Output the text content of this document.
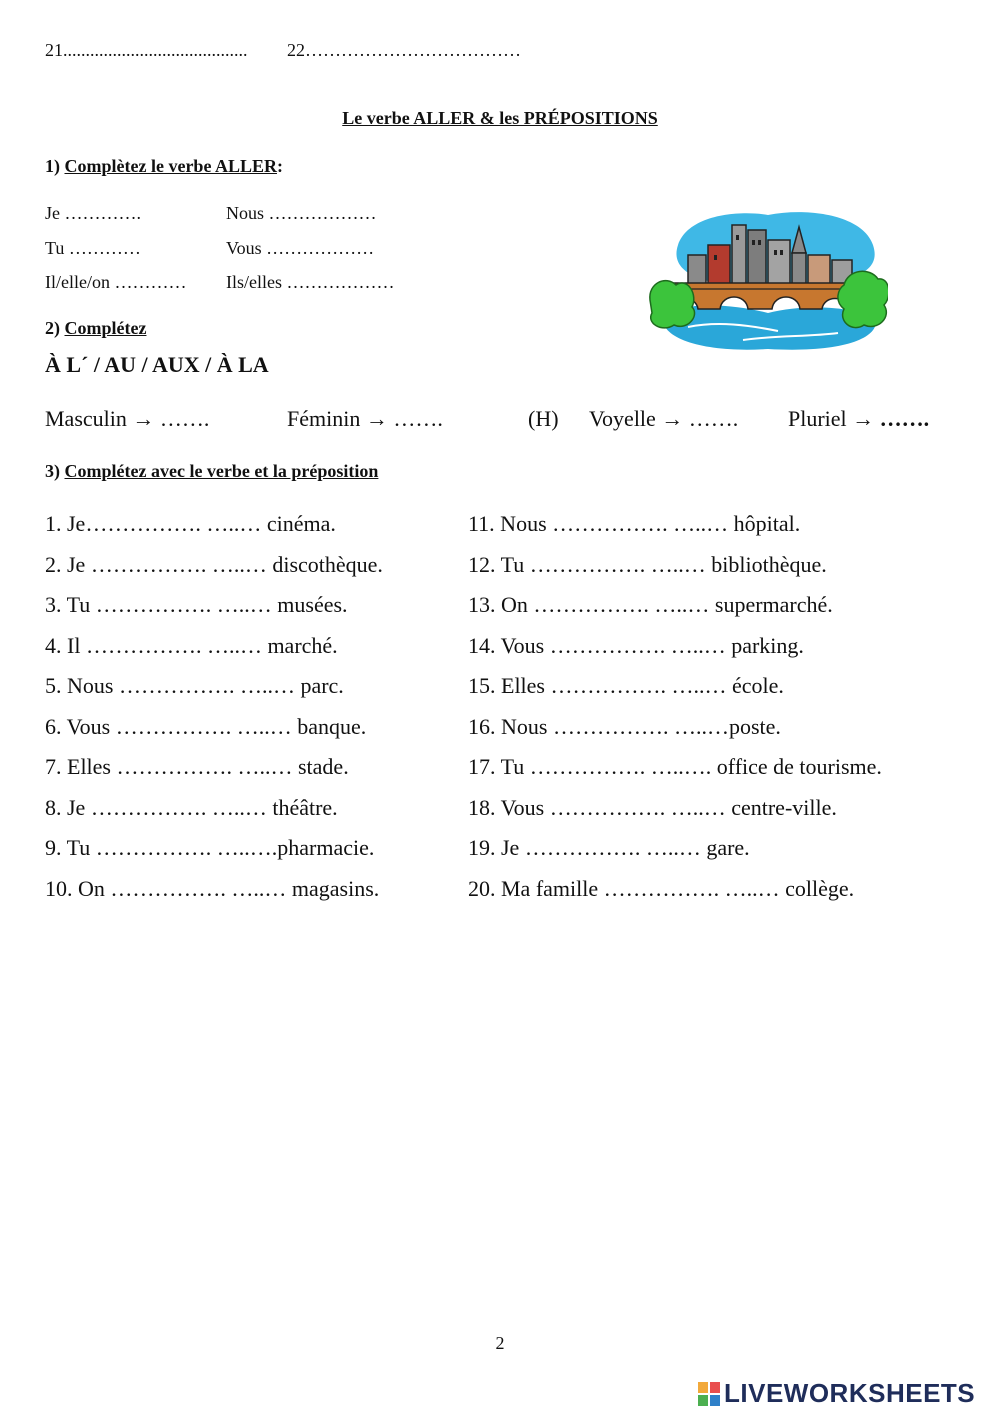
21......................................... 22………………………………
Le verbe ALLER & les PRÉPOSITIONS
1) Complètez le verbe ALLER:
Je ………….	Nous ………………
Tu …………	Vous ………………
Il/elle/on ………… Ils/elles ………………
2) Complétez
À L´ / AU / AUX / À LA
Masculin → …….	Féminin → …….	(H) Voyelle → ……. Pluriel → …….
3) Complétez avec le verbe et la préposition
1. Je……………. …..… cinéma.
2. Je ……………. …..… discothèque.
3. Tu ……………. …..… musées.
4. Il ……………. …..… marché.
5. Nous ……………. …..… parc.
6. Vous ……………. …..… banque.
7. Elles ……………. …..… stade.
8. Je ……………. …..… théâtre.
9. Tu ……………. …..….pharmacie.
10. On ……………. …..… magasins.
11. Nous ……………. …..… hôpital.
12. Tu ……………. …..… bibliothèque.
13. On ……………. …..… supermarché.
14. Vous ……………. …..… parking.
15. Elles ……………. …..… école.
16. Nous ……………. …..…poste.
17. Tu ……………. …..…. office de tourisme.
18. Vous ……………. …..… centre-ville.
19. Je ……………. …..… gare.
20. Ma famille ……………. …..… collège.
2
LIVEWORKSHEETS
